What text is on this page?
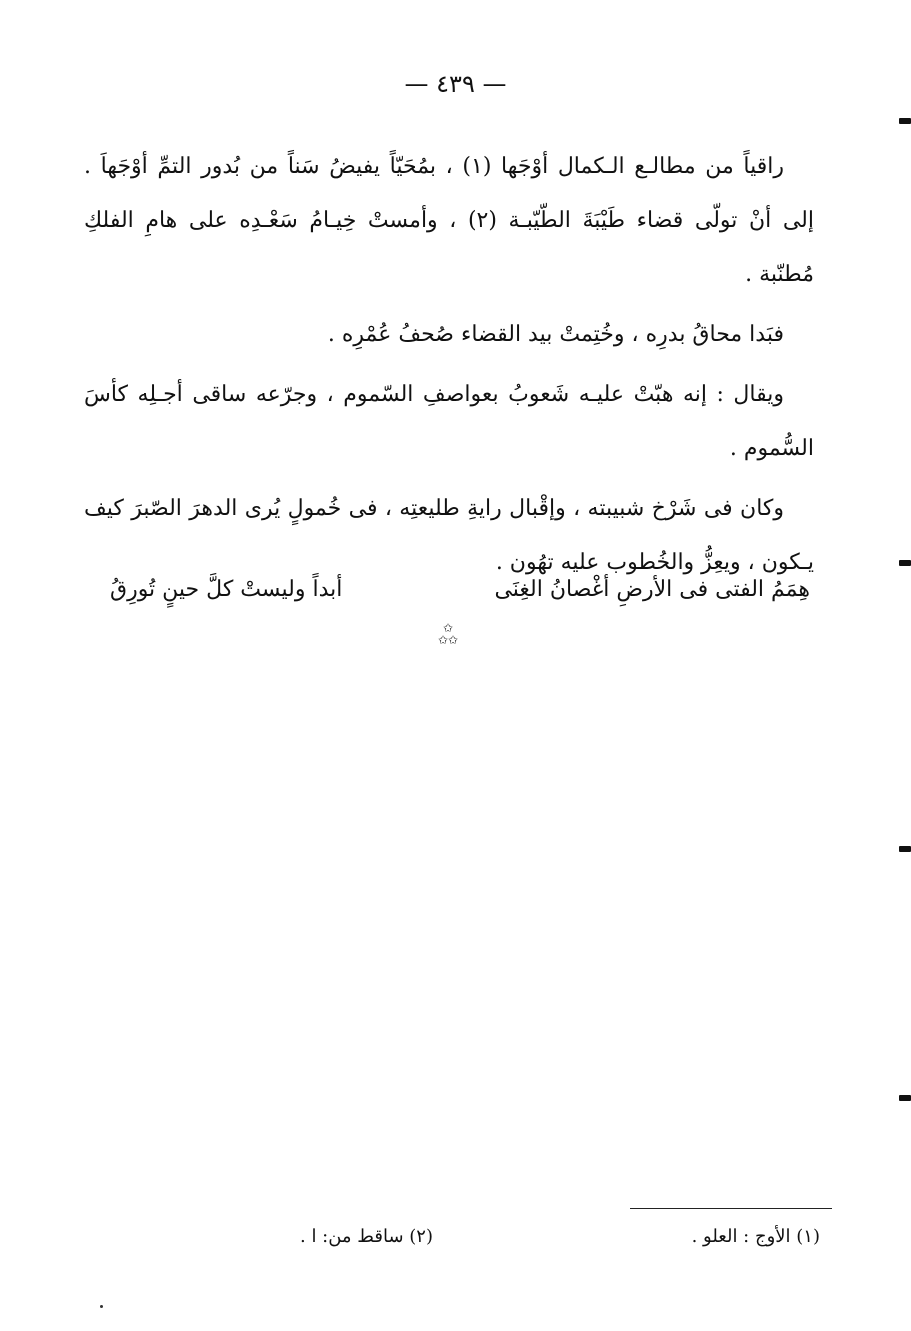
— ٤٣٩ —

راقياً من مطالـع الـكمال أوْجَها (١) ، بمُحَيّاً يفيضُ سَناً من بُدور التمِّ أوْجَهاَ . إلى أنْ تولّى قضاء طَيْبَةَ الطّيّبـة (٢) ، وأمستْ خِيـامُ سَعْـدِه على هامِ الفلكِ مُطنّبة .

فبَدا محاقُ بدرِه ، وخُتِمتْ بيد القضاء صُحفُ عُمْرِه .

ويقال : إنه هبّتْ عليـه شَعوبُ بعواصفِ السّموم ، وجرّعه ساقى أجـلِه كأسَ السُّموم .

وكان فى شَرْخ شبيبته ، وإقْبال رايةِ طليعتِه ، فى خُمولٍ يُرى الدهرَ الصّبرَ كيف يـكون ، ويعِزُّ والخُطوب عليه تهُون .

هِمَمُ الفتى فى الأرضِ أغْصانُ الغِنَى
أبداً وليستْ كلَّ حينٍ تُورِقُ
✩
✩✩
(١) الأوج : العلو .
(٢) ساقط من: ا .
